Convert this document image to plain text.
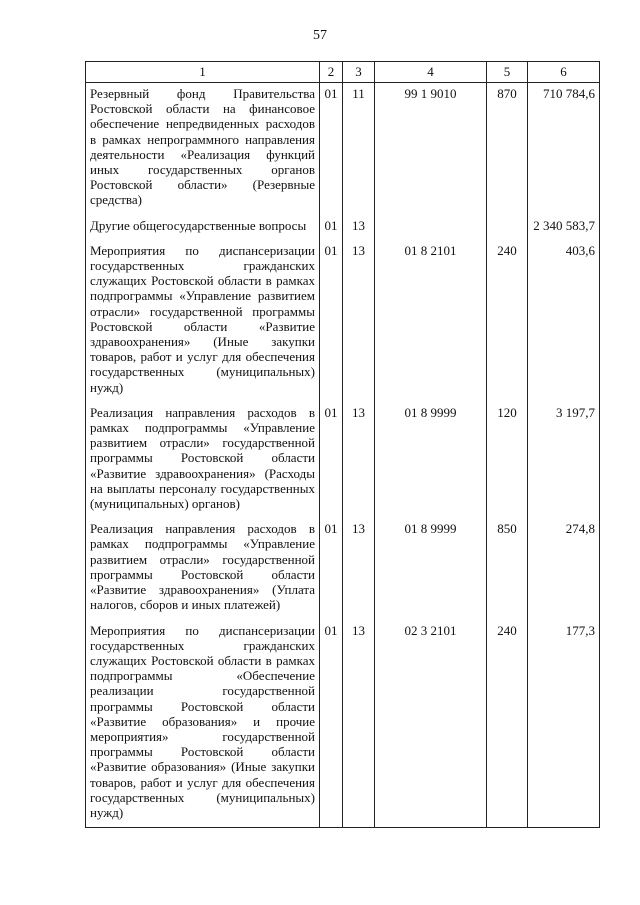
57
1	2	3	4	5	6
Резервный фонд Правительства Ростовской области на финансовое обеспечение непредвиденных расходов в рамках непрограммного направления деятельности «Реализация функций иных государственных органов Ростовской области» (Резервные средства)	01	11	99 1 9010	870	710 784,6
Другие общегосударственные вопросы	01	13			2 340 583,7
Мероприятия по диспансеризации государственных гражданских служащих Ростовской области в рамках подпрограммы «Управление развитием отрасли» государственной программы Ростовской области «Развитие здравоохранения» (Иные закупки товаров, работ и услуг для обеспечения государственных (муниципальных) нужд)	01	13	01 8 2101	240	403,6
Реализация направления расходов в рамках подпрограммы «Управление развитием отрасли» государственной программы Ростовской области «Развитие здравоохранения» (Расходы на выплаты персоналу государственных (муниципальных) органов)	01	13	01 8 9999	120	3 197,7
Реализация направления расходов в рамках подпрограммы «Управление развитием отрасли» государственной программы Ростовской области «Развитие здравоохранения» (Уплата налогов, сборов и иных платежей)	01	13	01 8 9999	850	274,8
Мероприятия по диспансеризации государственных гражданских служащих Ростовской области в рамках подпрограммы «Обеспечение реализации государственной программы Ростовской области «Развитие образования» и прочие мероприятия» государственной программы Ростовской области «Развитие образования» (Иные закупки товаров, работ и услуг для обеспечения государственных (муниципальных) нужд)	01	13	02 3 2101	240	177,3
